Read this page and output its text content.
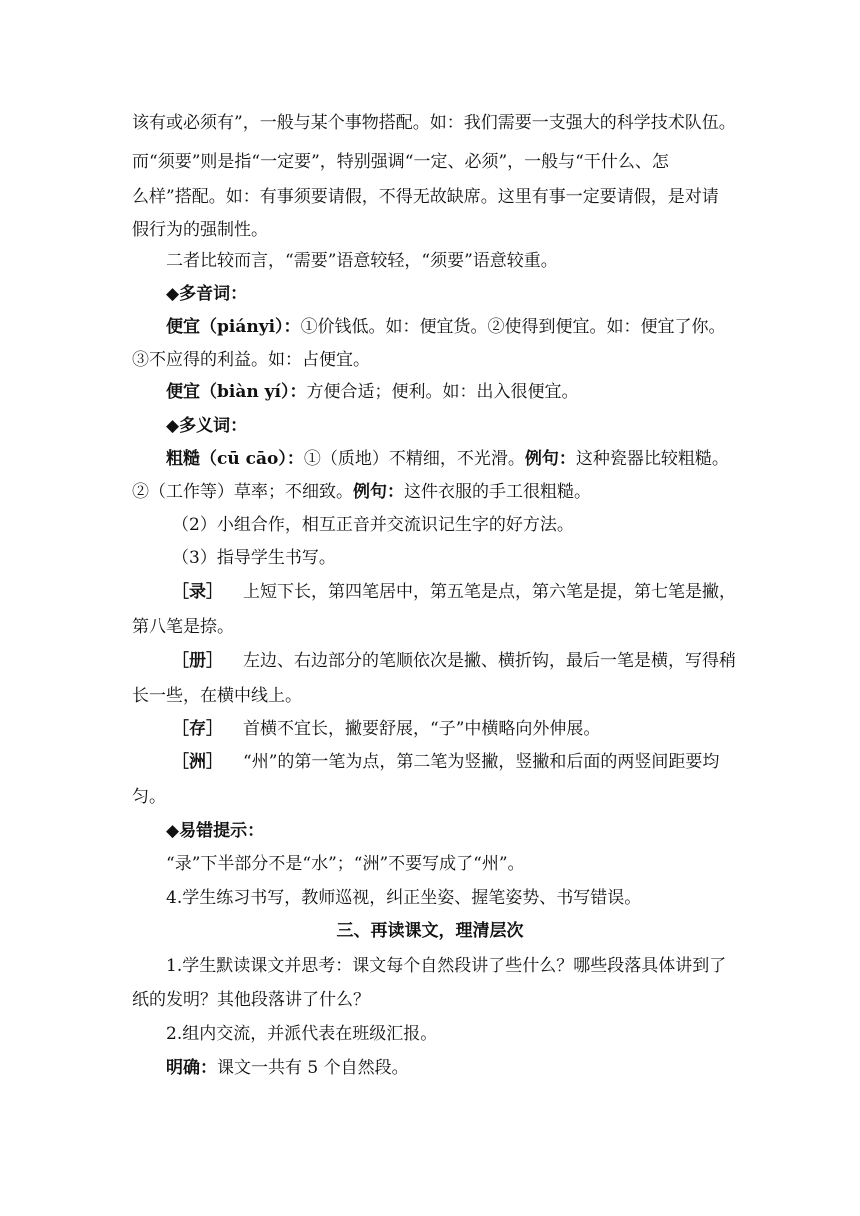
该有或必须有”，一般与某个事物搭配。如：我们需要一支强大的科学技术队伍。
而“须要”则是指“一定要”，特别强调“一定、必须”，一般与“干什么、怎
么样”搭配。如：有事须要请假，不得无故缺席。这里有事一定要请假，是对请
假行为的强制性。
二者比较而言，“需要”语意较轻，“须要”语意较重。
◆多音词：
便宜（piányi）：①价钱低。如：便宜货。②使得到便宜。如：便宜了你。
③不应得的利益。如：占便宜。
便宜（biàn yí）：方便合适；便利。如：出入很便宜。
◆多义词：
粗糙（cū cāo）：①（质地）不精细，不光滑。例句：这种瓷器比较粗糙。
②（工作等）草率；不细致。例句：这件衣服的手工很粗糙。
（2）小组合作，相互正音并交流识记生字的好方法。
（3）指导学生书写。
［录］ 上短下长，第四笔居中，第五笔是点，第六笔是提，第七笔是撇，
第八笔是捺。
［册］ 左边、右边部分的笔顺依次是撇、横折钩，最后一笔是横，写得稍
长一些，在横中线上。
［存］ 首横不宜长，撇要舒展，“子”中横略向外伸展。
［洲］ “州”的第一笔为点，第二笔为竖撇，竖撇和后面的两竖间距要均
匀。
◆易错提示：
“录”下半部分不是“水”；“洲”不要写成了“州”。
4.学生练习书写，教师巡视，纠正坐姿、握笔姿势、书写错误。
三、再读课文，理清层次
1.学生默读课文并思考：课文每个自然段讲了些什么？哪些段落具体讲到了
纸的发明？其他段落讲了什么？
2.组内交流，并派代表在班级汇报。
明确：课文一共有 5 个自然段。
